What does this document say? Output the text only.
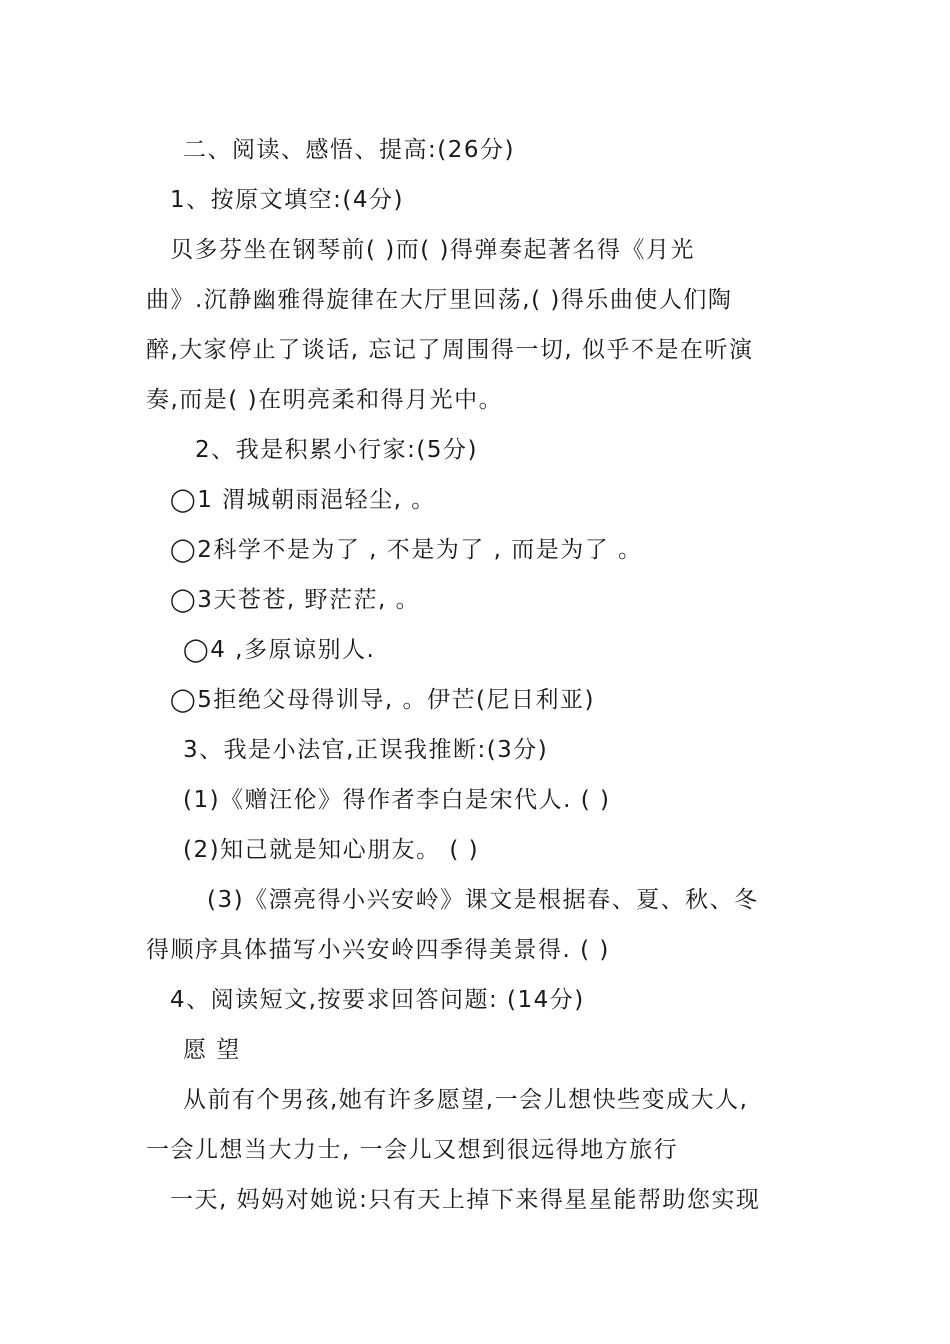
二、阅读、感悟、提高:(26分)
1、按原文填空:(4分)
贝多芬坐在钢琴前( )而( )得弹奏起著名得《月光
曲》.沉静幽雅得旋律在大厅里回荡,( )得乐曲使人们陶
醉,大家停止了谈话, 忘记了周围得一切, 似乎不是在听演
奏,而是( )在明亮柔和得月光中。
2、我是积累小行家:(5分)
◯1 渭城朝雨浥轻尘, 。
◯2科学不是为了 , 不是为了 , 而是为了 。
◯3天苍苍, 野茫茫, 。
◯4 ,多原谅别人.
◯5拒绝父母得训导, 。伊芒(尼日利亚)
3、我是小法官,正误我推断:(3分)
(1)《赠汪伦》得作者李白是宋代人. ( )
(2)知己就是知心朋友。 ( )
(3)《漂亮得小兴安岭》课文是根据春、夏、秋、冬
得顺序具体描写小兴安岭四季得美景得. ( )
4、阅读短文,按要求回答问题: (14分)
愿 望
从前有个男孩,她有许多愿望,一会儿想快些变成大人,
一会儿想当大力士, 一会儿又想到很远得地方旅行
一天, 妈妈对她说:只有天上掉下来得星星能帮助您实现
